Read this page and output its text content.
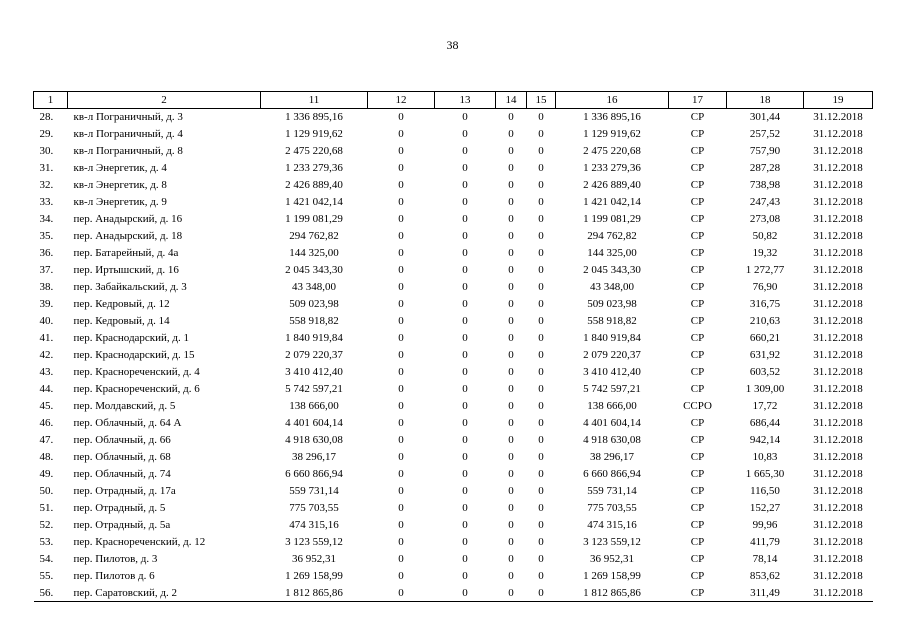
38
1	2	11	12	13	14	15	16	17	18	19
28.	кв-л Пограничный, д. 3	1 336 895,16	0	0	0	0	1 336 895,16	СР	301,44	31.12.2018
29.	кв-л Пограничный, д. 4	1 129 919,62	0	0	0	0	1 129 919,62	СР	257,52	31.12.2018
30.	кв-л Пограничный, д. 8	2 475 220,68	0	0	0	0	2 475 220,68	СР	757,90	31.12.2018
31.	кв-л Энергетик, д. 4	1 233 279,36	0	0	0	0	1 233 279,36	СР	287,28	31.12.2018
32.	кв-л Энергетик, д. 8	2 426 889,40	0	0	0	0	2 426 889,40	СР	738,98	31.12.2018
33.	кв-л Энергетик, д. 9	1 421 042,14	0	0	0	0	1 421 042,14	СР	247,43	31.12.2018
34.	пер. Анадырский, д. 16	1 199 081,29	0	0	0	0	1 199 081,29	СР	273,08	31.12.2018
35.	пер. Анадырский, д. 18	294 762,82	0	0	0	0	294 762,82	СР	50,82	31.12.2018
36.	пер. Батарейный, д. 4а	144 325,00	0	0	0	0	144 325,00	СР	19,32	31.12.2018
37.	пер. Иртышский, д. 16	2 045 343,30	0	0	0	0	2 045 343,30	СР	1 272,77	31.12.2018
38.	пер. Забайкальский, д. 3	43 348,00	0	0	0	0	43 348,00	СР	76,90	31.12.2018
39.	пер. Кедровый, д. 12	509 023,98	0	0	0	0	509 023,98	СР	316,75	31.12.2018
40.	пер. Кедровый, д. 14	558 918,82	0	0	0	0	558 918,82	СР	210,63	31.12.2018
41.	пер. Краснодарский, д. 1	1 840 919,84	0	0	0	0	1 840 919,84	СР	660,21	31.12.2018
42.	пер. Краснодарский, д. 15	2 079 220,37	0	0	0	0	2 079 220,37	СР	631,92	31.12.2018
43.	пер. Краснореченский, д. 4	3 410 412,40	0	0	0	0	3 410 412,40	СР	603,52	31.12.2018
44.	пер. Краснореченский, д. 6	5 742 597,21	0	0	0	0	5 742 597,21	СР	1 309,00	31.12.2018
45.	пер. Молдавский, д. 5	138 666,00	0	0	0	0	138 666,00	ССРО	17,72	31.12.2018
46.	пер. Облачный, д. 64 А	4 401 604,14	0	0	0	0	4 401 604,14	СР	686,44	31.12.2018
47.	пер. Облачный, д. 66	4 918 630,08	0	0	0	0	4 918 630,08	СР	942,14	31.12.2018
48.	пер. Облачный, д. 68	38 296,17	0	0	0	0	38 296,17	СР	10,83	31.12.2018
49.	пер. Облачный, д. 74	6 660 866,94	0	0	0	0	6 660 866,94	СР	1 665,30	31.12.2018
50.	пер. Отрадный, д. 17а	559 731,14	0	0	0	0	559 731,14	СР	116,50	31.12.2018
51.	пер. Отрадный, д. 5	775 703,55	0	0	0	0	775 703,55	СР	152,27	31.12.2018
52.	пер. Отрадный, д. 5а	474 315,16	0	0	0	0	474 315,16	СР	99,96	31.12.2018
53.	пер. Краснореченский, д. 12	3 123 559,12	0	0	0	0	3 123 559,12	СР	411,79	31.12.2018
54.	пер. Пилотов, д. 3	36 952,31	0	0	0	0	36 952,31	СР	78,14	31.12.2018
55.	пер. Пилотов д. 6	1 269 158,99	0	0	0	0	1 269 158,99	СР	853,62	31.12.2018
56.	пер. Саратовский, д. 2	1 812 865,86	0	0	0	0	1 812 865,86	СР	311,49	31.12.2018
